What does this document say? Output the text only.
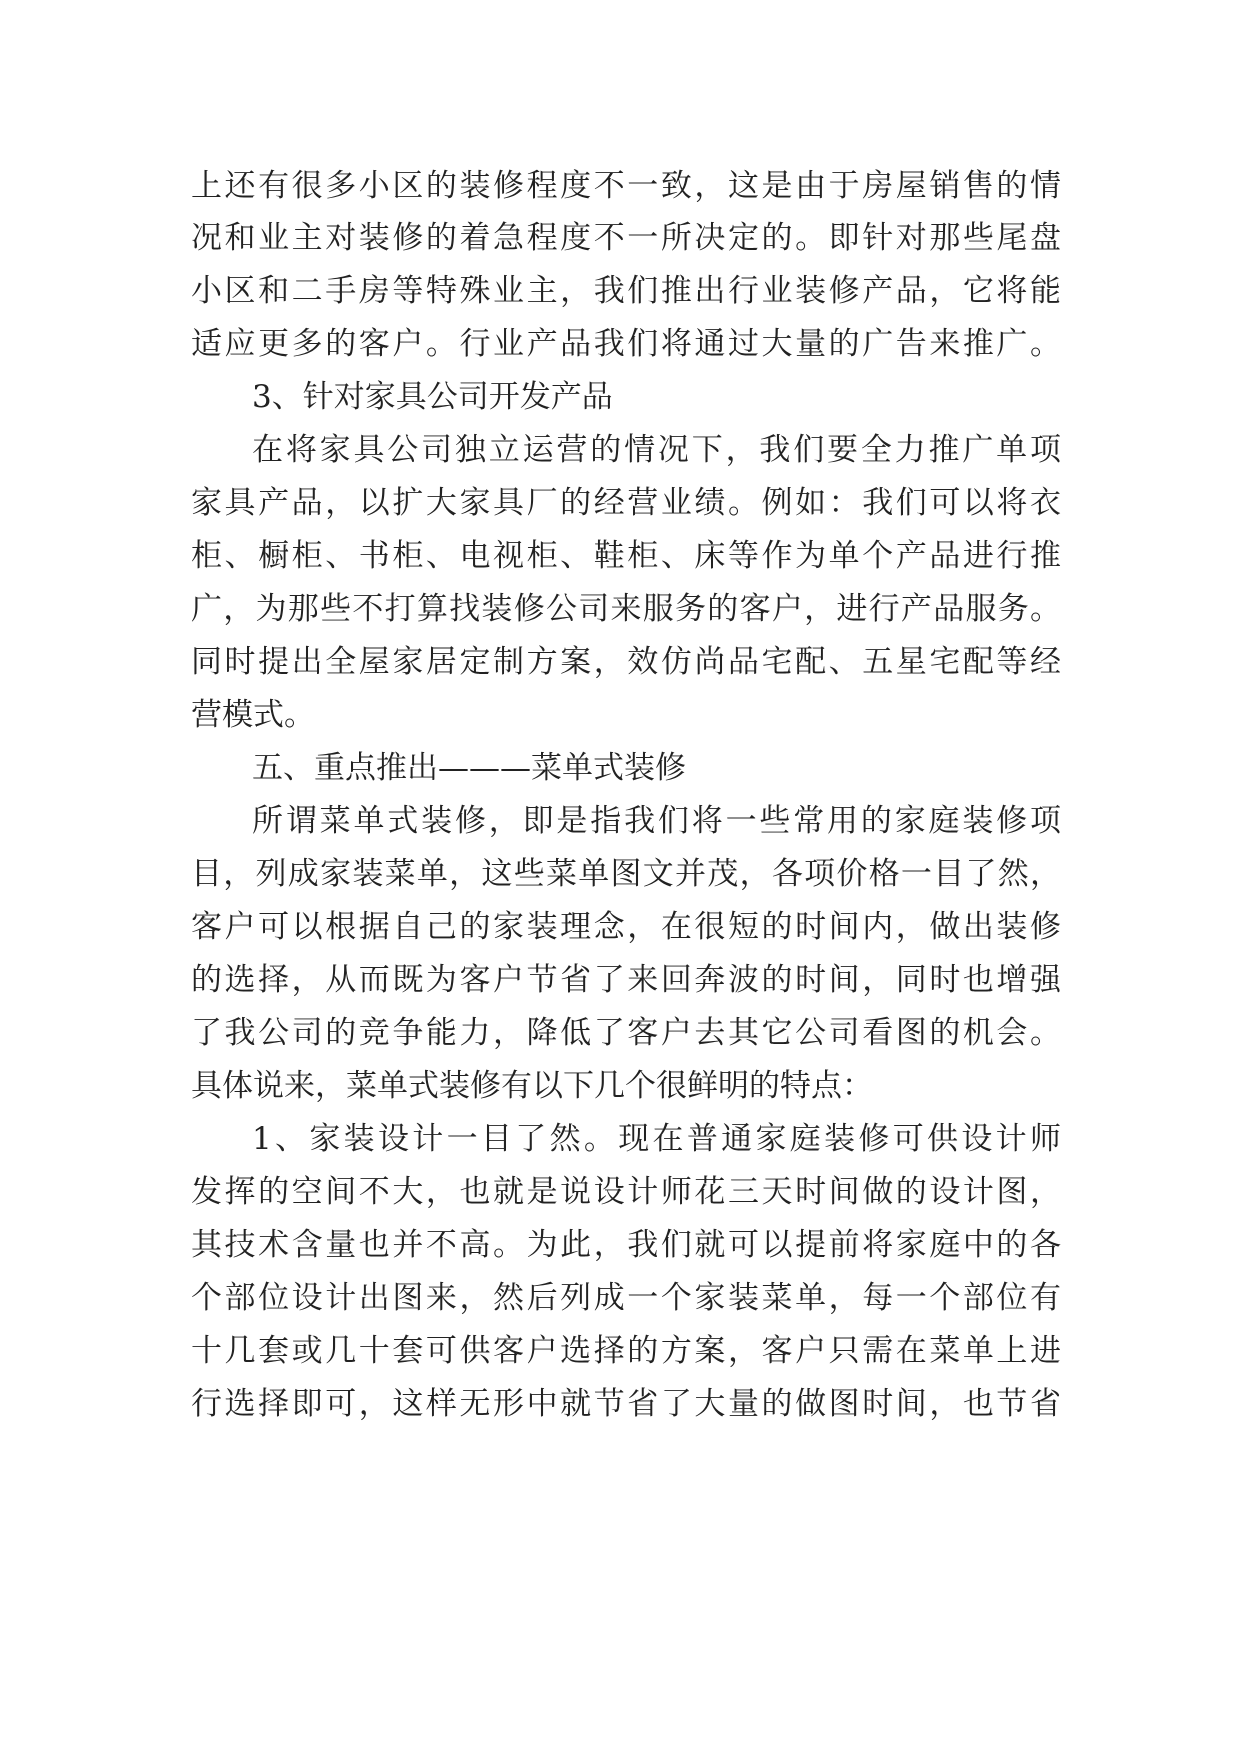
上还有很多小区的装修程度不一致，这是由于房屋销售的情
况和业主对装修的着急程度不一所决定的。即针对那些尾盘
小区和二手房等特殊业主，我们推出行业装修产品，它将能
适应更多的客户。行业产品我们将通过大量的广告来推广。
3、针对家具公司开发产品
在将家具公司独立运营的情况下，我们要全力推广单项
家具产品，以扩大家具厂的经营业绩。例如：我们可以将衣
柜、橱柜、书柜、电视柜、鞋柜、床等作为单个产品进行推
广，为那些不打算找装修公司来服务的客户，进行产品服务。
同时提出全屋家居定制方案，效仿尚品宅配、五星宅配等经
营模式。
五、重点推出———菜单式装修
所谓菜单式装修，即是指我们将一些常用的家庭装修项
目，列成家装菜单，这些菜单图文并茂，各项价格一目了然，
客户可以根据自己的家装理念，在很短的时间内，做出装修
的选择，从而既为客户节省了来回奔波的时间，同时也增强
了我公司的竞争能力，降低了客户去其它公司看图的机会。
具体说来，菜单式装修有以下几个很鲜明的特点：
1、家装设计一目了然。现在普通家庭装修可供设计师
发挥的空间不大，也就是说设计师花三天时间做的设计图，
其技术含量也并不高。为此，我们就可以提前将家庭中的各
个部位设计出图来，然后列成一个家装菜单，每一个部位有
十几套或几十套可供客户选择的方案，客户只需在菜单上进
行选择即可，这样无形中就节省了大量的做图时间，也节省
